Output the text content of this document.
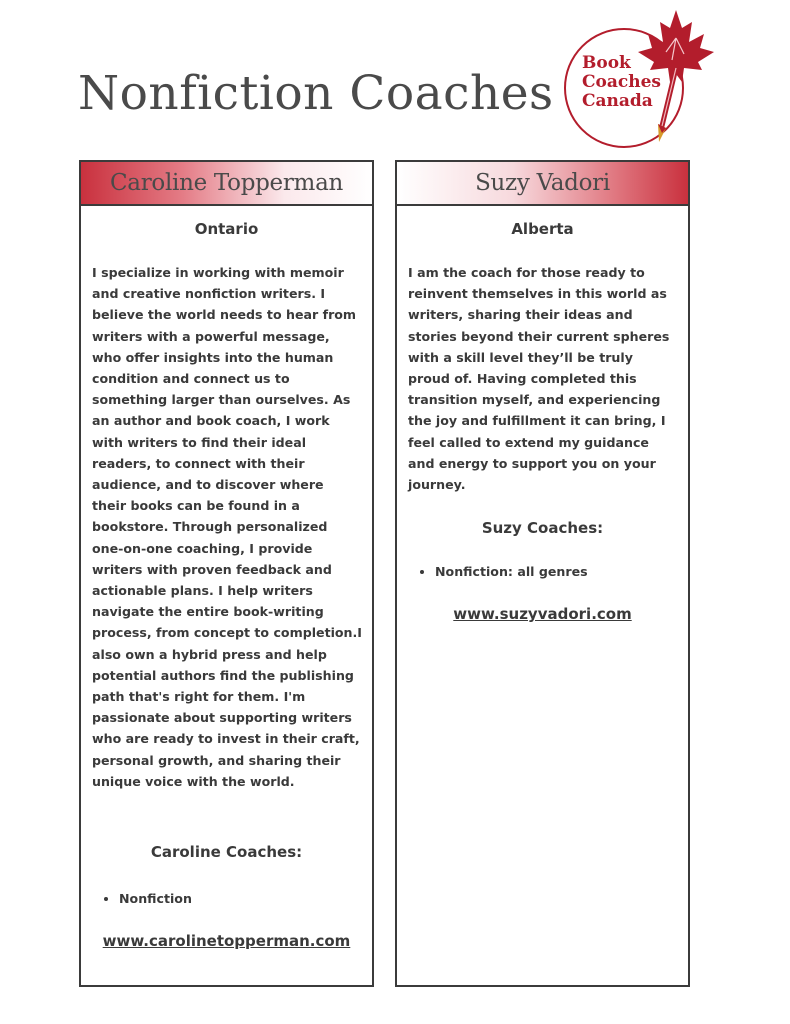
Nonfiction Coaches
Book
Coaches
Canada
Caroline Topperman
Ontario

I specialize in working with memoir and creative nonfiction writers. I believe the world needs to hear from writers with a powerful message, who offer insights into the human condition and connect us to something larger than ourselves. As an author and book coach, I work with writers to find their ideal readers, to connect with their audience, and to discover where their books can be found in a bookstore. Through personalized one-on-one coaching, I provide writers with proven feedback and actionable plans. I help writers navigate the entire book-writing process, from concept to completion.I also own a hybrid press and help potential authors find the publishing path that's right for them. I'm passionate about supporting writers who are ready to invest in their craft, personal growth, and sharing their unique voice with the world.

Caroline Coaches:
• Nonfiction
www.carolinetopperman.com
Suzy Vadori
Alberta

I am the coach for those ready to reinvent themselves in this world as writers, sharing their ideas and stories beyond their current spheres with a skill level they’ll be truly proud of. Having completed this transition myself, and experiencing the joy and fulfillment it can bring, I feel called to extend my guidance and energy to support you on your journey.

Suzy Coaches:
• Nonfiction: all genres
www.suzyvadori.com
